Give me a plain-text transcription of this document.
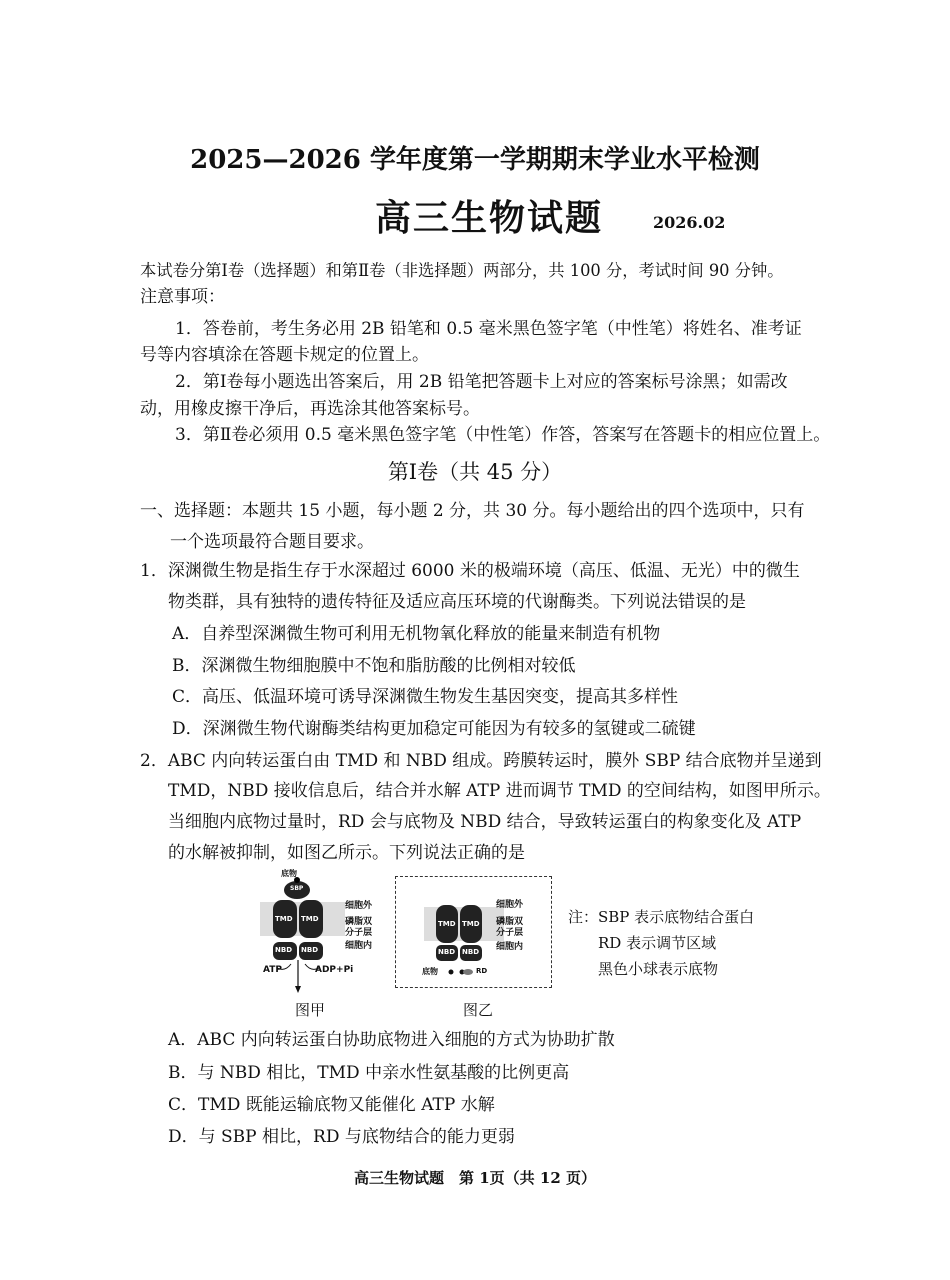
2025—2026 学年度第一学期期末学业水平检测
高三生物试题	2026.02
本试卷分第Ⅰ卷（选择题）和第Ⅱ卷（非选择题）两部分，共 100 分，考试时间 90 分钟。
注意事项：
1．答卷前，考生务必用 2B 铅笔和 0.5 毫米黑色签字笔（中性笔）将姓名、准考证
号等内容填涂在答题卡规定的位置上。
2．第Ⅰ卷每小题选出答案后，用 2B 铅笔把答题卡上对应的答案标号涂黑；如需改
动，用橡皮擦干净后，再选涂其他答案标号。
3．第Ⅱ卷必须用 0.5 毫米黑色签字笔（中性笔）作答，答案写在答题卡的相应位置上。
第Ⅰ卷（共 45 分）
一、选择题：本题共 15 小题，每小题 2 分，共 30 分。每小题给出的四个选项中，只有
一个选项最符合题目要求。
1．深渊微生物是指生存于水深超过 6000 米的极端环境（高压、低温、无光）中的微生
物类群，具有独特的遗传特征及适应高压环境的代谢酶类。下列说法错误的是
A．自养型深渊微生物可利用无机物氧化释放的能量来制造有机物
B．深渊微生物细胞膜中不饱和脂肪酸的比例相对较低
C．高压、低温环境可诱导深渊微生物发生基因突变，提高其多样性
D．深渊微生物代谢酶类结构更加稳定可能因为有较多的氢键或二硫键
2．ABC 内向转运蛋白由 TMD 和 NBD 组成。跨膜转运时，膜外 SBP 结合底物并呈递到
TMD，NBD 接收信息后，结合并水解 ATP 进而调节 TMD 的空间结构，如图甲所示。
当细胞内底物过量时，RD 会与底物及 NBD 结合，导致转运蛋白的构象变化及 ATP
的水解被抑制，如图乙所示。下列说法正确的是
底物
SBP
TMD TMD
NBD NBD
细胞外
磷脂双
分子层
细胞内
ATP	ADP+Pi
图甲
TMD TMD
NBD NBD
细胞外
磷脂双
分子层
细胞内
底物	RD
图乙
注：SBP 表示底物结合蛋白
RD 表示调节区域
黑色小球表示底物
A．ABC 内向转运蛋白协助底物进入细胞的方式为协助扩散
B．与 NBD 相比，TMD 中亲水性氨基酸的比例更高
C．TMD 既能运输底物又能催化 ATP 水解
D．与 SBP 相比，RD 与底物结合的能力更弱
高三生物试题　第 1页（共 12 页）
